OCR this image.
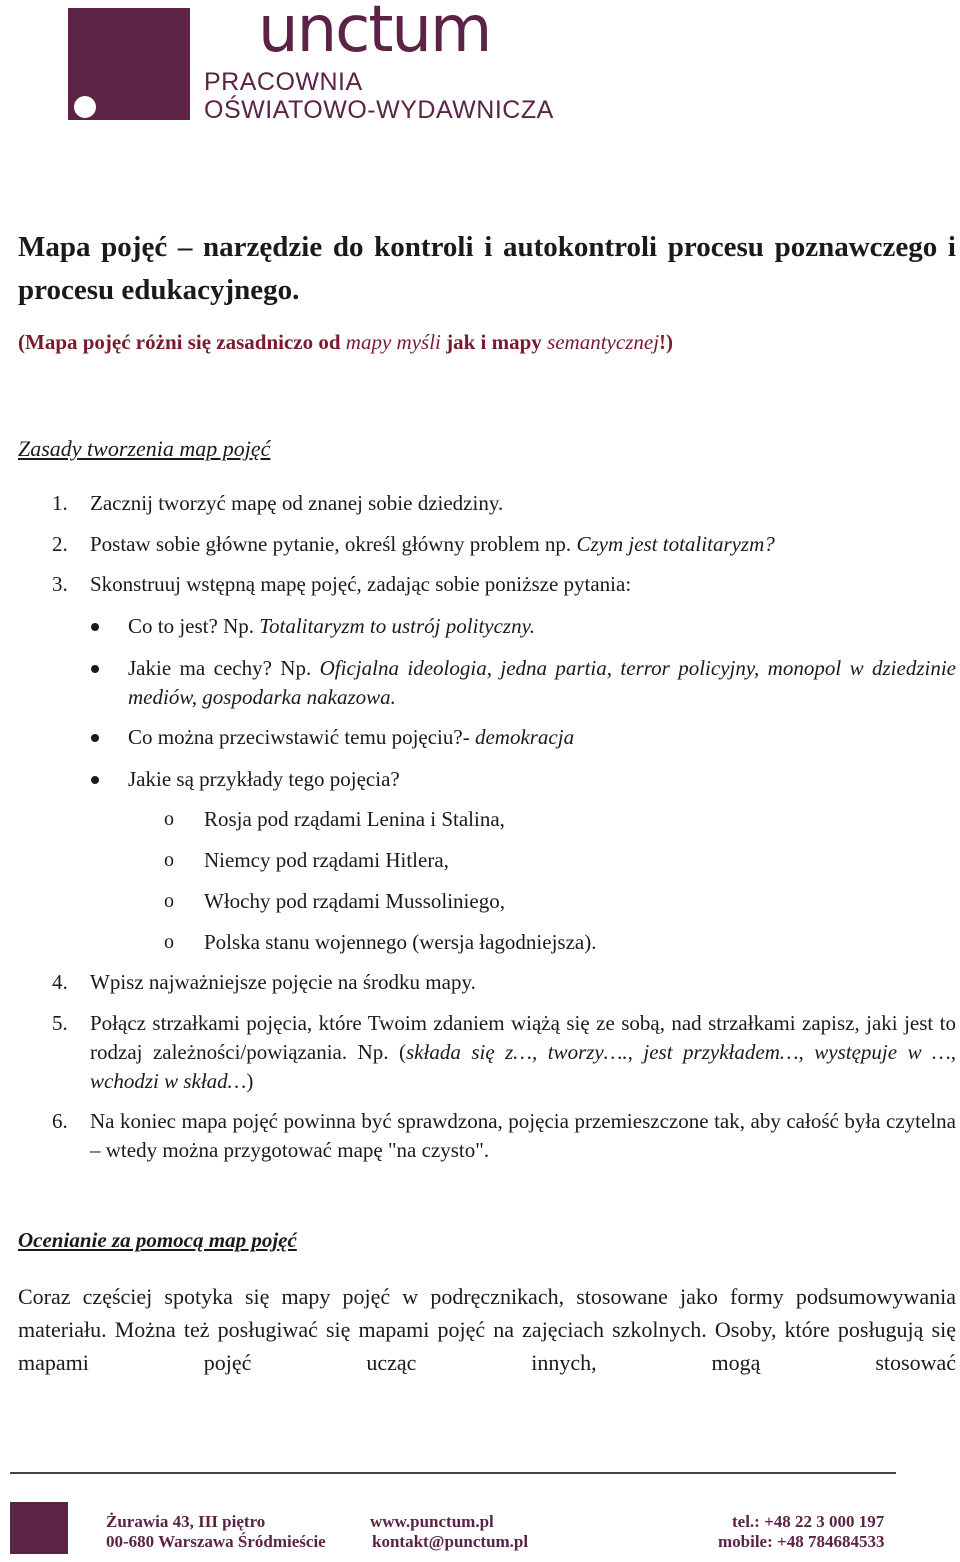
unctum
PRACOWNIA
OŚWIATOWO-WYDAWNICZA
Mapa pojęć – narzędzie do kontroli i autokontroli procesu poznawczego i procesu edukacyjnego.
(Mapa pojęć różni się zasadniczo od mapy myśli jak i mapy semantycznej!)
Zasady tworzenia map pojęć
1. Zacznij tworzyć mapę od znanej sobie dziedziny.
2. Postaw sobie główne pytanie, określ główny problem np. Czym jest totalitaryzm?
3. Skonstruuj wstępną mapę pojęć, zadając sobie poniższe pytania:
Co to jest? Np. Totalitaryzm to ustrój polityczny.
Jakie ma cechy? Np. Oficjalna ideologia, jedna partia, terror policyjny, monopol w dziedzinie mediów, gospodarka nakazowa.
Co można przeciwstawić temu pojęciu?- demokracja
Jakie są przykłady tego pojęcia?
o Rosja pod rządami Lenina i Stalina,
o Niemcy pod rządami Hitlera,
o Włochy pod rządami Mussoliniego,
o Polska stanu wojennego (wersja łagodniejsza).
4. Wpisz najważniejsze pojęcie na środku mapy.
5. Połącz strzałkami pojęcia, które Twoim zdaniem wiążą się ze sobą, nad strzałkami zapisz, jaki jest to rodzaj zależności/powiązania. Np. (składa się z…, tworzy…., jest przykładem…, występuje w …, wchodzi w skład…)
6. Na koniec mapa pojęć powinna być sprawdzona, pojęcia przemieszczone tak, aby całość była czytelna – wtedy można przygotować mapę "na czysto".
Ocenianie za pomocą map pojęć
Coraz częściej spotyka się mapy pojęć w podręcznikach, stosowane jako formy podsumowywania materiału. Można też posługiwać się mapami pojęć na zajęciach szkolnych. Osoby, które posługują się mapami pojęć ucząc innych, mogą stosować
Żurawia 43, III piętro
00-680 Warszawa Śródmieście
www.punctum.pl
kontakt@punctum.pl
tel.: +48 22 3 000 197
mobile: +48 784684533
